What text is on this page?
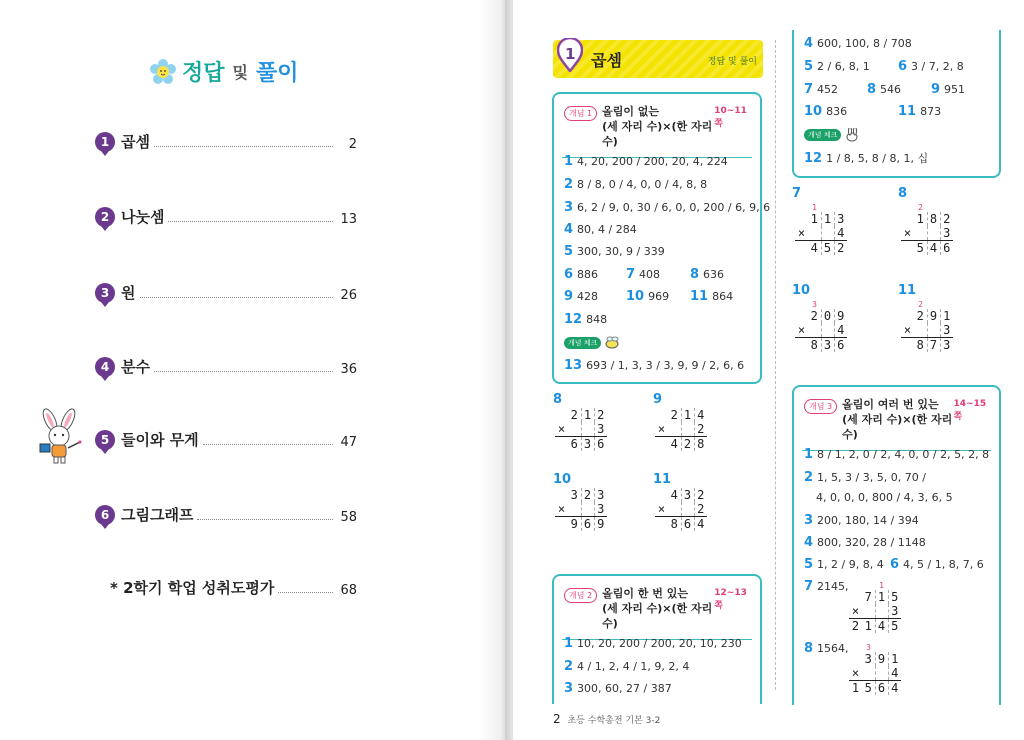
정답 및 풀이
1 곱셈	2
2 나눗셈	13
3 원	26
4 분수	36
5 들이와 무게	47
6 그림그래프	58
* 2학기 학업 성취도평가	68
1 곱셈	정답 및 풀이
개념 1 올림이 없는
(세 자리 수)×(한 자리 수)
10~11쪽
1 4, 20, 200 / 200, 20, 4, 224
2 8 / 8, 0 / 4, 0, 0 / 4, 8, 8
3 6, 2 / 9, 0, 30 / 6, 0, 0, 200 / 6, 9, 6
4 80, 4 / 284
5 300, 30, 9 / 339
6 886 7 408 8 636
9 428 10 969 11 864
12 848
개념 체크
13 693 / 1, 3, 3 / 3, 9, 9 / 2, 6, 6
8
	2	1	2
×			3
	6	3	6
9
	2	1	4
×			2
	4	2	8
10
	3	2	3
×			3
	9	6	9
11
	4	3	2
×			2
	8	6	4
개념 2 올림이 한 번 있는
(세 자리 수)×(한 자리 수)
12~13쪽
1 10, 20, 200 / 200, 20, 10, 230
2 4 / 1, 2, 4 / 1, 9, 2, 4
3 300, 60, 27 / 387
4 600, 100, 8 / 708
5 2 / 6, 8, 1 6 3 / 7, 2, 8
7 452 8 546 9 951
10 836	11 873
개념 체크
12 1 / 8, 5, 8 / 8, 1, 십
7
	1		
	1	1	3
×			4
	4	5	2
8
	2		
	1	8	2
×			3
	5	4	6
10
	3		
	2	0	9
×			4
	8	3	6
11
	2		
	2	9	1
×			3
	8	7	3
개념 3 올림이 여러 번 있는
(세 자리 수)×(한 자리 수)
14~15쪽
1 8 / 1, 2, 0 / 2, 4, 0, 0 / 2, 5, 2, 8
2 1, 5, 3 / 3, 5, 0, 70 /
4, 0, 0, 0, 800 / 4, 3, 6, 5
3 200, 180, 14 / 394
4 800, 320, 28 / 1148
5 1, 2 / 9, 8, 4 6 4, 5 / 1, 8, 7, 6
7 2145,
			1	
	7	1	5
×			3
2	1	4	5
8 1564,
	3		
	3	9	1
×			4
1	5	6	4
2 초등 수학총전 기본 3-2
